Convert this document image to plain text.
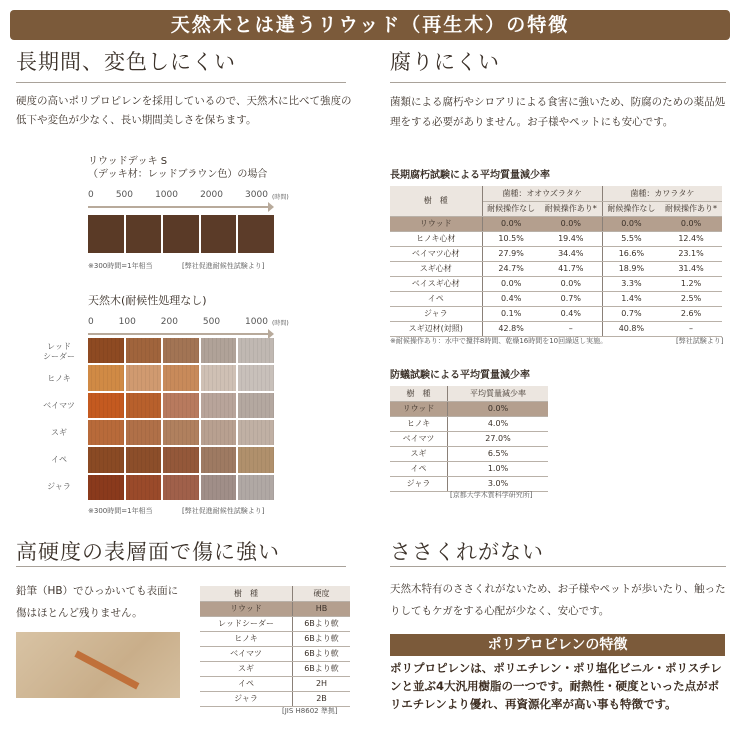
天然木とは違うリウッド（再生木）の特徴
長期間、変色しにくい
硬度の高いポリプロピレンを採用しているので、天然木に比べて強度の低下や変色が少なく、長い期間美しさを保ちます。
リウッドデッキ S
（デッキ材：レッドブラウン色）の場合
0 500 1000 2000 3000 (時間)
※300時間=1年相当	[弊社促進耐候性試験より]
天然木(耐候性処理なし)
0	100	200	500	1000 (時間)
レッド
シーダー
ヒノキ
ベイマツ
スギ
イペ
ジャラ
※300時間=1年相当	[弊社促進耐候性試験より]
高硬度の表層面で傷に強い
鉛筆（HB）でひっかいても表面に傷はほとんど残りません。
樹　種	硬度
リウッド	HB
レッドシーダー	6Bより軟
ヒノキ	6Bより軟
ベイマツ	6Bより軟
スギ	6Bより軟
イペ	2H
ジャラ	2B
[JIS H8602 準拠]
腐りにくい
菌類による腐朽やシロアリによる食害に強いため、防腐のための薬品処理をする必要がありません。お子様やペットにも安心です。
長期腐朽試験による平均質量減少率
樹　種	菌種：オオウズラタケ		菌種：カワラタケ	
	耐候操作なし	耐候操作あり*	耐候操作なし	耐候操作あり*
リウッド	0.0%	0.0%	0.0%	0.0%
ヒノキ心材	10.5%	19.4%	5.5%	12.4%
ベイマツ心材	27.9%	34.4%	16.6%	23.1%
スギ心材	24.7%	41.7%	18.9%	31.4%
ベイスギ心材	0.0%	0.0%	3.3%	1.2%
イペ	0.4%	0.7%	1.4%	2.5%
ジャラ	0.1%	0.4%	0.7%	2.6%
スギ辺材(対照)	42.8%	–	40.8%	–
※耐候操作あり：水中で攪拌8時間、乾燥16時間を10回繰返し実施。	[弊社試験より]
防蟻試験による平均質量減少率
樹　種	平均質量減少率
リウッド	0.0%
ヒノキ	4.0%
ベイマツ	27.0%
スギ	6.5%
イペ	1.0%
ジャラ	3.0%
[京都大学木質科学研究所]
ささくれがない
天然木特有のささくれがないため、お子様やペットが歩いたり、触ったりしてもケガをする心配が少なく、安心です。
ポリプロピレンの特徴
ポリプロピレンは、ポリエチレン・ポリ塩化ビニル・ポリスチレンと並ぶ4大汎用樹脂の一つです。耐熱性・硬度といった点がポリエチレンより優れ、再資源化率が高い事も特徴です。
